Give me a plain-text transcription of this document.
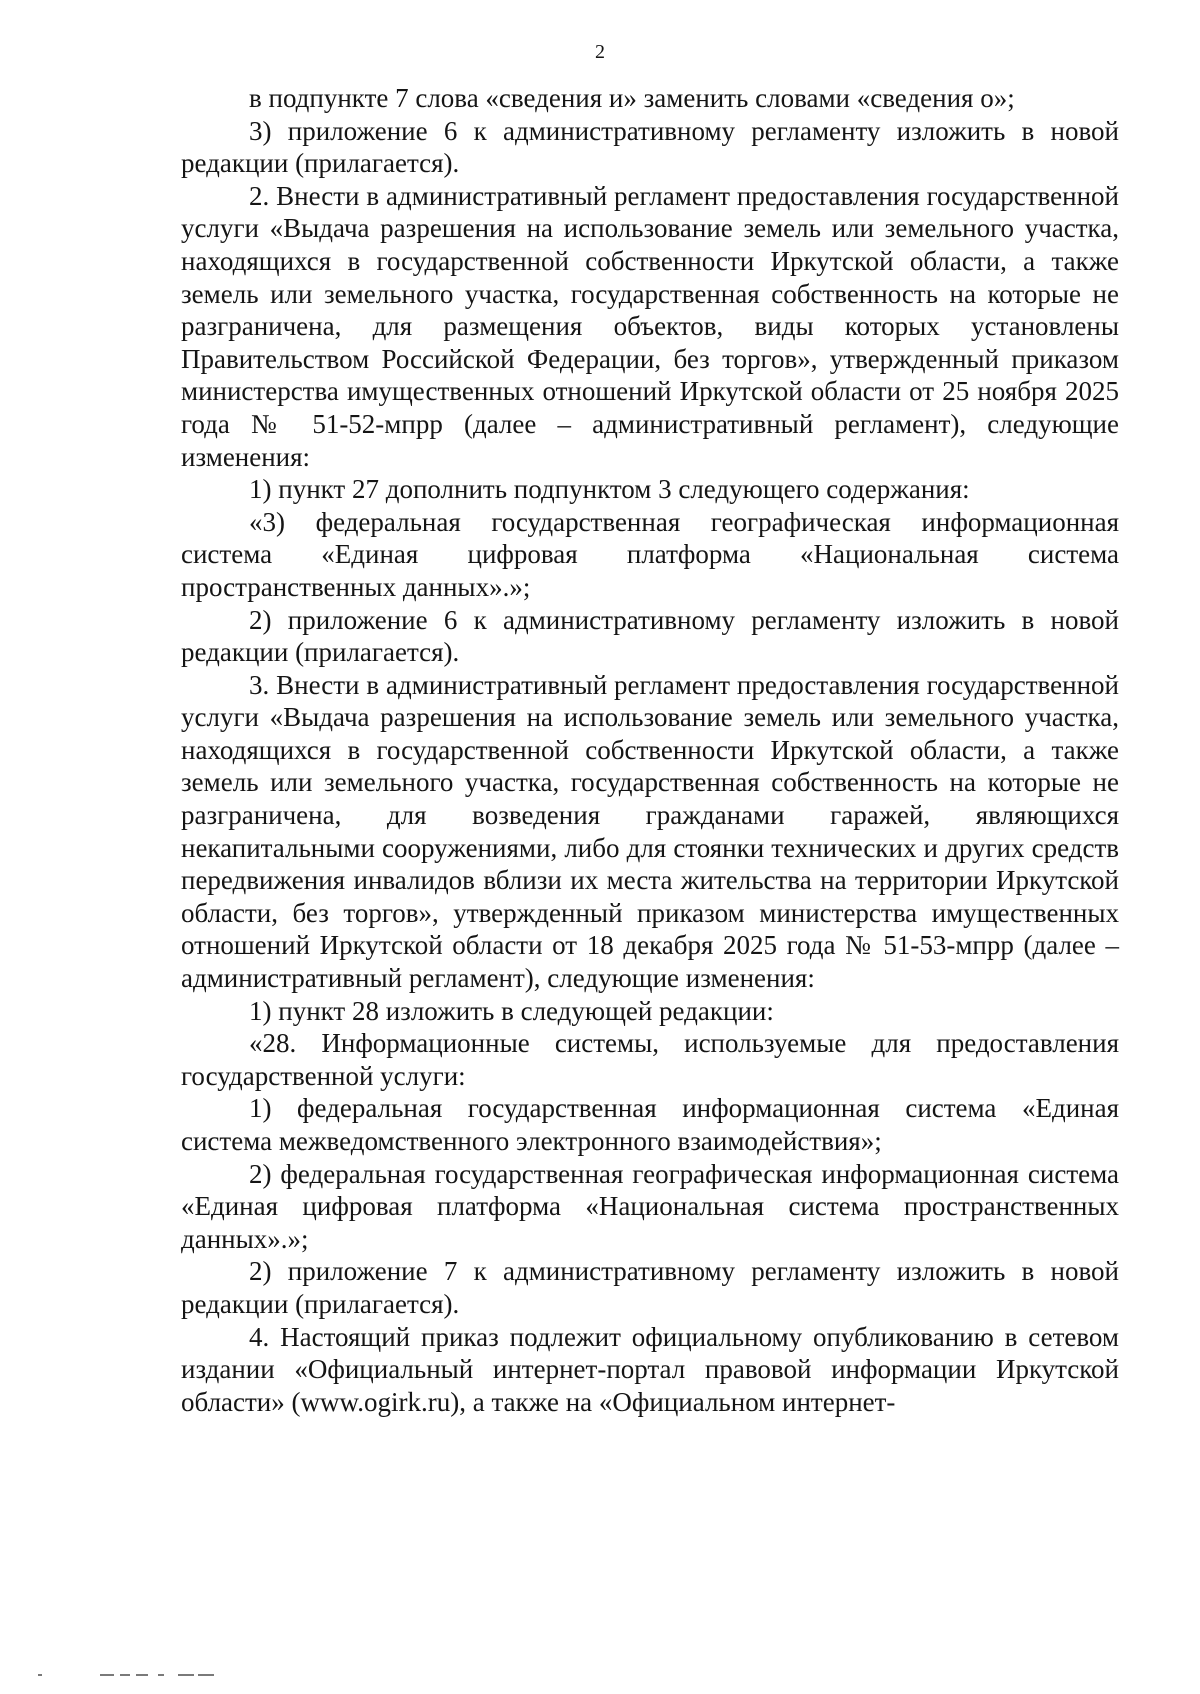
2

в подпункте 7 слова «сведения и» заменить словами «сведения о»;

3) приложение 6 к административному регламенту изложить в новой редакции (прилагается).

2. Внести в административный регламент предоставления государственной услуги «Выдача разрешения на использование земель или земельного участка, находящихся в государственной собственности Иркутской области, а также земель или земельного участка, государственная собственность на которые не разграничена, для размещения объектов, виды которых установлены Правительством Российской Федерации, без торгов», утвержденный приказом министерства имущественных отношений Иркутской области от 25 ноября 2025 года № 51-52-мпрр (далее – административный регламент), следующие изменения:

1) пункт 27 дополнить подпунктом 3 следующего содержания:

«3) федеральная государственная географическая информационная система «Единая цифровая платформа «Национальная система пространственных данных».»;

2) приложение 6 к административному регламенту изложить в новой редакции (прилагается).

3. Внести в административный регламент предоставления государственной услуги «Выдача разрешения на использование земель или земельного участка, находящихся в государственной собственности Иркутской области, а также земель или земельного участка, государственная собственность на которые не разграничена, для возведения гражданами гаражей, являющихся некапитальными сооружениями, либо для стоянки технических и других средств передвижения инвалидов вблизи их места жительства на территории Иркутской области, без торгов», утвержденный приказом министерства имущественных отношений Иркутской области от 18 декабря 2025 года № 51-53-мпрр (далее – административный регламент), следующие изменения:

1) пункт 28 изложить в следующей редакции:

«28. Информационные системы, используемые для предоставления государственной услуги:

1) федеральная государственная информационная система «Единая система межведомственного электронного взаимодействия»;

2) федеральная государственная географическая информационная система «Единая цифровая платформа «Национальная система пространственных данных».»;

2) приложение 7 к административному регламенту изложить в новой редакции (прилагается).

4. Настоящий приказ подлежит официальному опубликованию в сетевом издании «Официальный интернет-портал правовой информации Иркутской области» (www.ogirk.ru), а также на «Официальном интернет-
